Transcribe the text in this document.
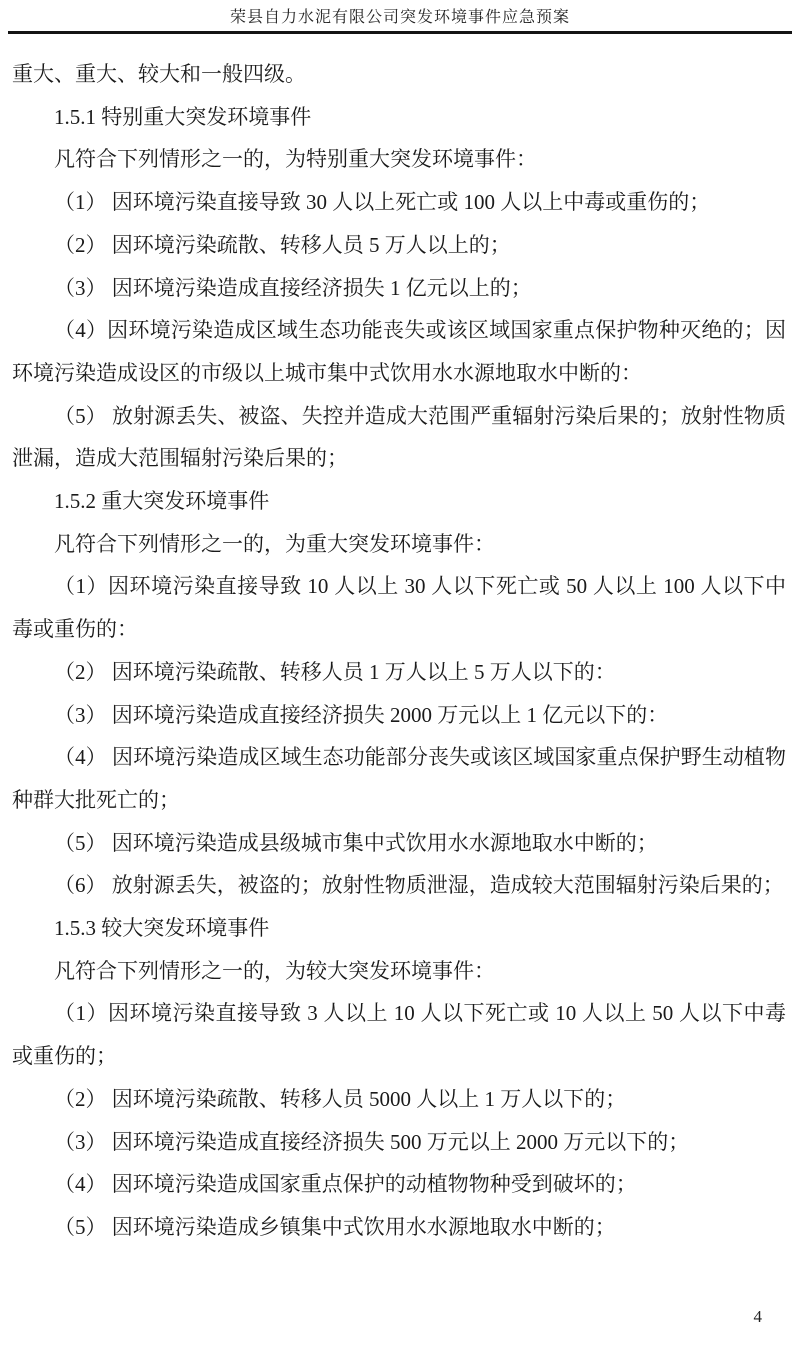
荣县自力水泥有限公司突发环境事件应急预案

重大、重大、较大和一般四级。

1.5.1 特别重大突发环境事件

凡符合下列情形之一的，为特别重大突发环境事件：

（1） 因环境污染直接导致 30 人以上死亡或 100 人以上中毒或重伤的；

（2） 因环境污染疏散、转移人员 5 万人以上的；

（3） 因环境污染造成直接经济损失 1 亿元以上的；

（4）因环境污染造成区域生态功能丧失或该区域国家重点保护物种灭绝的；因环境污染造成设区的市级以上城市集中式饮用水水源地取水中断的：

（5） 放射源丢失、被盗、失控并造成大范围严重辐射污染后果的；放射性物质泄漏，造成大范围辐射污染后果的；

1.5.2 重大突发环境事件

凡符合下列情形之一的，为重大突发环境事件：

（1）因环境污染直接导致 10 人以上 30 人以下死亡或 50 人以上 100 人以下中毒或重伤的：

（2） 因环境污染疏散、转移人员 1 万人以上 5 万人以下的：

（3） 因环境污染造成直接经济损失 2000 万元以上 1 亿元以下的：

（4） 因环境污染造成区域生态功能部分丧失或该区域国家重点保护野生动植物种群大批死亡的；

（5） 因环境污染造成县级城市集中式饮用水水源地取水中断的；

（6） 放射源丢失，被盗的；放射性物质泄湿，造成较大范围辐射污染后果的；

1.5.3 较大突发环境事件

凡符合下列情形之一的，为较大突发环境事件：

（1）因环境污染直接导致 3 人以上 10 人以下死亡或 10 人以上 50 人以下中毒或重伤的；

（2） 因环境污染疏散、转移人员 5000 人以上 1 万人以下的；

（3） 因环境污染造成直接经济损失 500 万元以上 2000 万元以下的；

（4） 因环境污染造成国家重点保护的动植物物种受到破坏的；

（5） 因环境污染造成乡镇集中式饮用水水源地取水中断的；

4
